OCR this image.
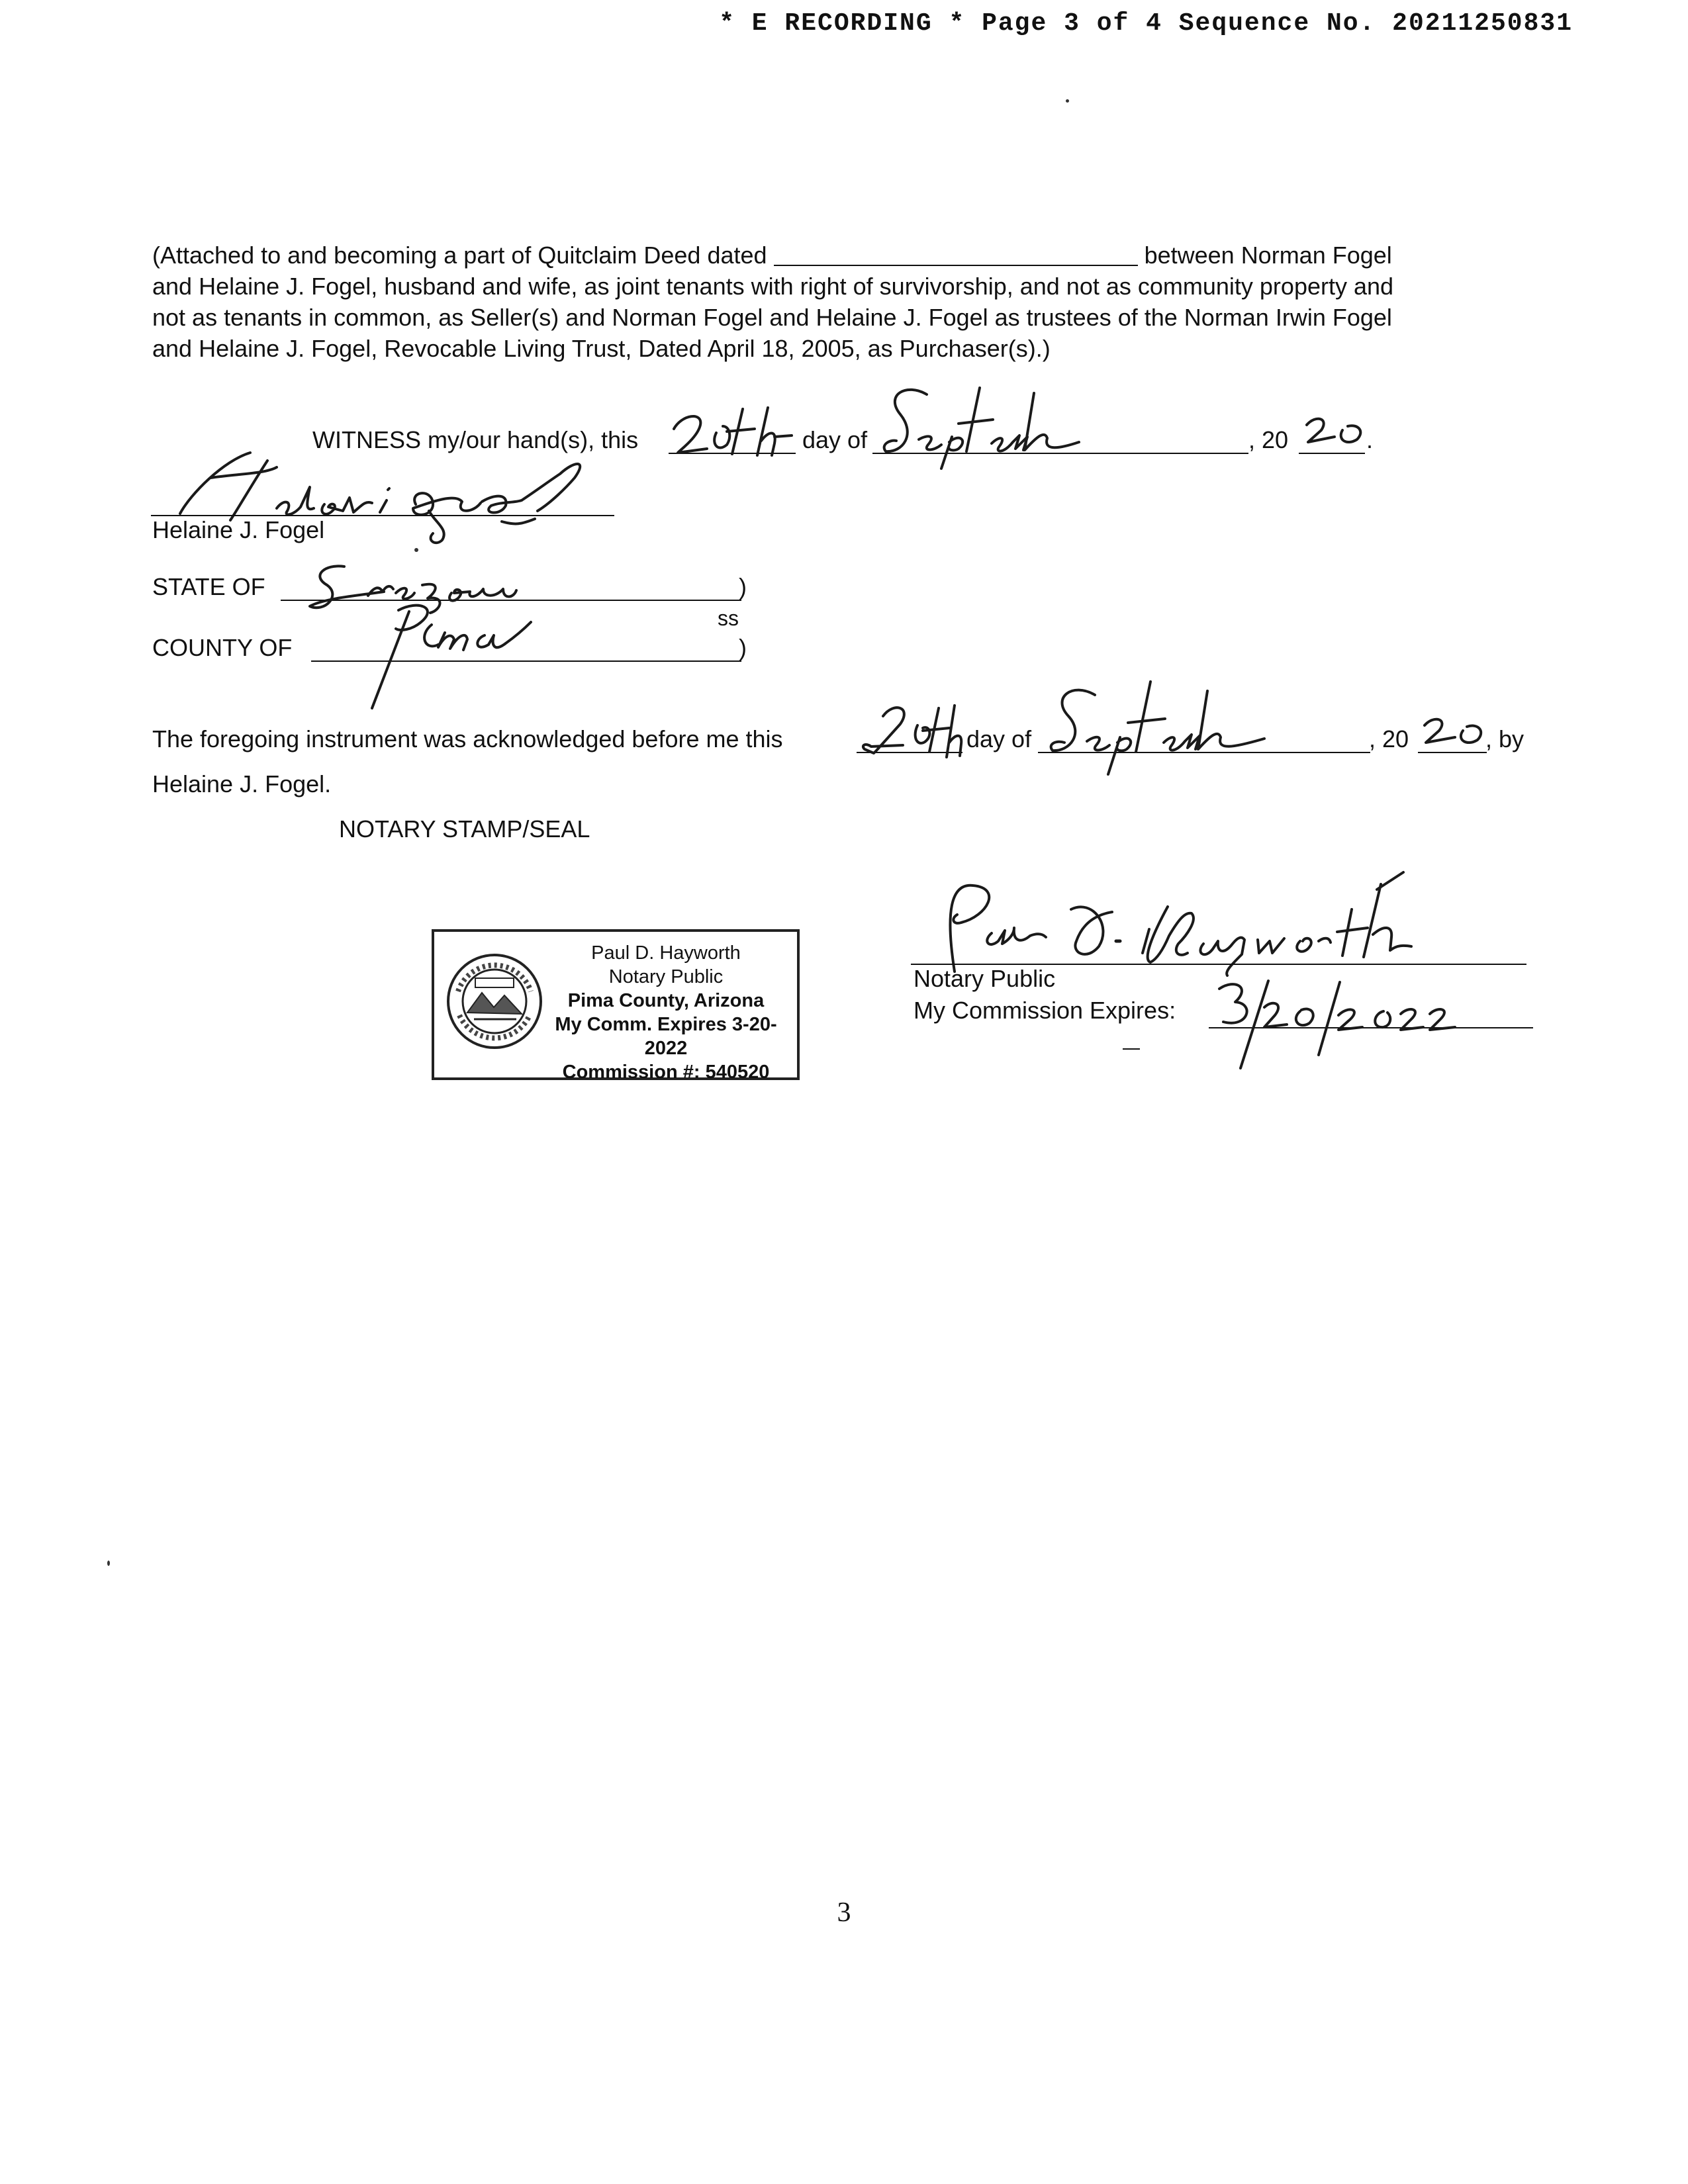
* E RECORDING * Page 3 of 4 Sequence No. 20211250831
(Attached to and becoming a part of Quitclaim Deed dated	between Norman Fogel
and Helaine J. Fogel, husband and wife, as joint tenants with right of survivorship, and not as community property and
not as tenants in common, as Seller(s) and Norman Fogel and Helaine J. Fogel as trustees of the Norman Irwin Fogel
and Helaine J. Fogel, Revocable Living Trust, Dated April 18, 2005, as Purchaser(s).)
WITNESS my/our hand(s), this	day of	, 20	.
Helaine J. Fogel
STATE OF	)
ss
COUNTY OF	)
The foregoing instrument was acknowledged before me this	day of	, 20	, by
Helaine J. Fogel.
NOTARY STAMP/SEAL
Paul D. Hayworth
Notary Public
Pima County, Arizona
My Comm. Expires 3-20-2022
Commission #: 540520
Notary Public
My Commission Expires:
3
